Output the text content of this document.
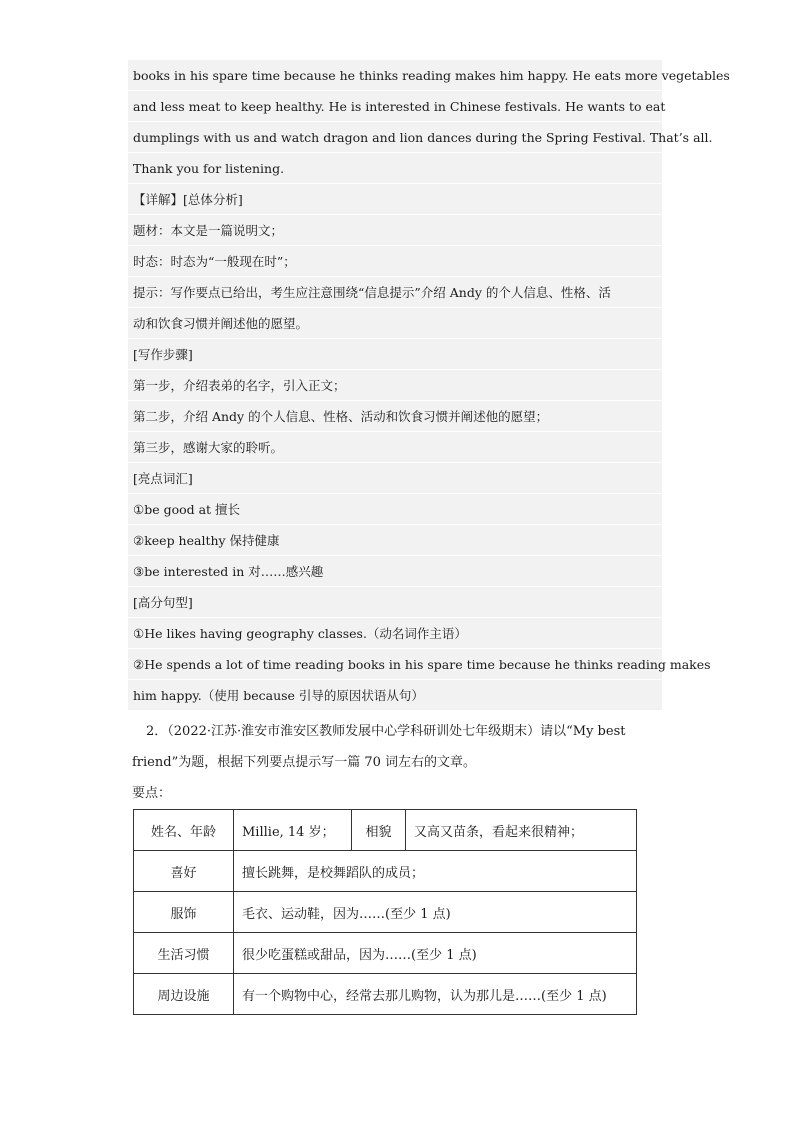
books in his spare time because he thinks reading makes him happy. He eats more vegetables
and less meat to keep healthy. He is interested in Chinese festivals. He wants to eat
dumplings with us and watch dragon and lion dances during the Spring Festival. That’s all.
Thank you for listening.
【详解】[总体分析]
题材：本文是一篇说明文；
时态：时态为“一般现在时”；
提示：写作要点已给出，考生应注意围绕“信息提示”介绍 Andy 的个人信息、性格、活
动和饮食习惯并阐述他的愿望。
[写作步骤]
第一步，介绍表弟的名字，引入正文；
第二步，介绍 Andy 的个人信息、性格、活动和饮食习惯并阐述他的愿望；
第三步，感谢大家的聆听。
[亮点词汇]
①be good at 擅长
②keep healthy 保持健康
③be interested in 对……感兴趣
[高分句型]
①He likes having geography classes.（动名词作主语）
②He spends a lot of time reading books in his spare time because he thinks reading makes
him happy.（使用 because 引导的原因状语从句）
2．（2022·江苏·淮安市淮安区教师发展中心学科研训处七年级期末）请以“My best
friend”为题，根据下列要点提示写一篇 70 词左右的文章。
要点：
姓名、年龄	Millie, 14 岁；	相貌	又高又苗条，看起来很精神；
喜好	擅长跳舞，是校舞蹈队的成员；		
服饰	毛衣、运动鞋，因为……(至少 1 点)		
生活习惯	很少吃蛋糕或甜品，因为……(至少 1 点)		
周边设施	有一个购物中心，经常去那儿购物，认为那儿是……(至少 1 点)		
